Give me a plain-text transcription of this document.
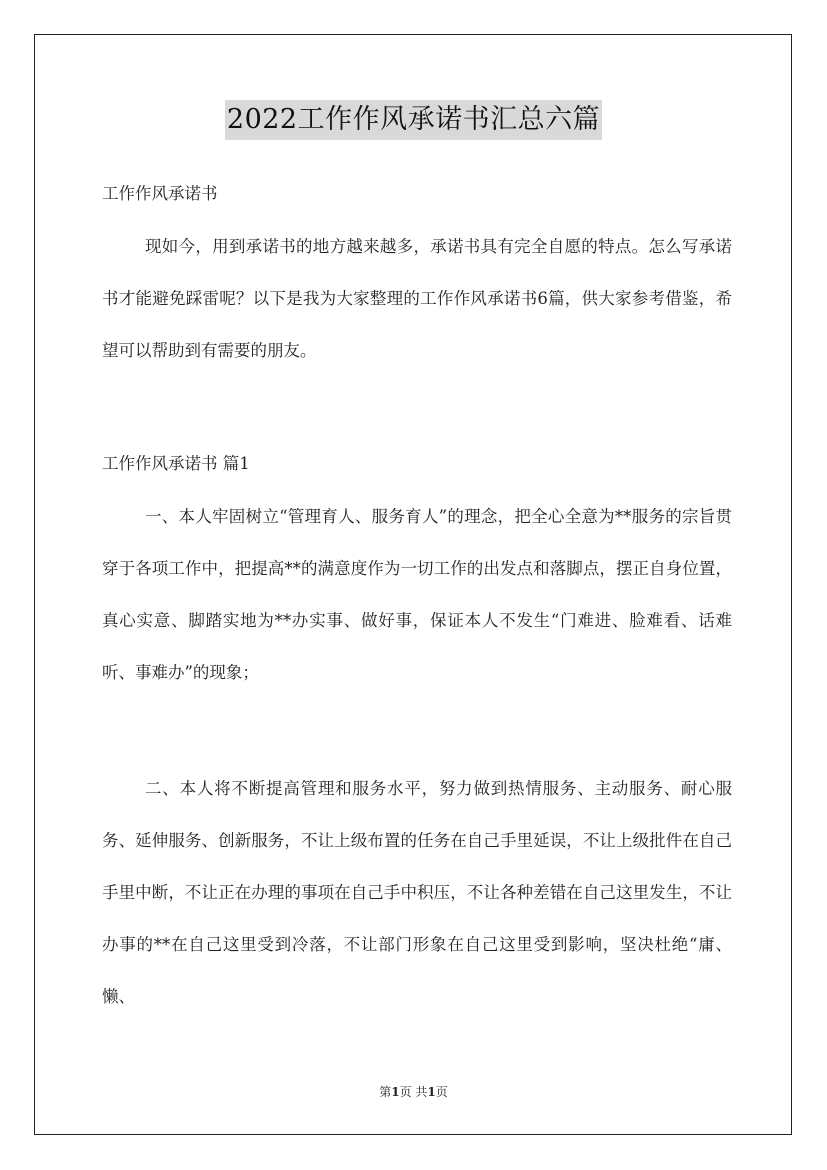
2022工作作风承诺书汇总六篇

工作作风承诺书

现如今，用到承诺书的地方越来越多，承诺书具有完全自愿的特点。怎么写承诺书才能避免踩雷呢？以下是我为大家整理的工作作风承诺书6篇，供大家参考借鉴，希望可以帮助到有需要的朋友。

工作作风承诺书 篇1

一、本人牢固树立“管理育人、服务育人”的理念，把全心全意为**服务的宗旨贯穿于各项工作中，把提高**的满意度作为一切工作的出发点和落脚点，摆正自身位置，真心实意、脚踏实地为**办实事、做好事，保证本人不发生“门难进、脸难看、话难听、事难办”的现象；

二、本人将不断提高管理和服务水平，努力做到热情服务、主动服务、耐心服务、延伸服务、创新服务，不让上级布置的任务在自己手里延误，不让上级批件在自己手里中断，不让正在办理的事项在自己手中积压，不让各种差错在自己这里发生，不让办事的**在自己这里受到冷落，不让部门形象在自己这里受到影响，坚决杜绝“庸、懒、

第1页 共1页
